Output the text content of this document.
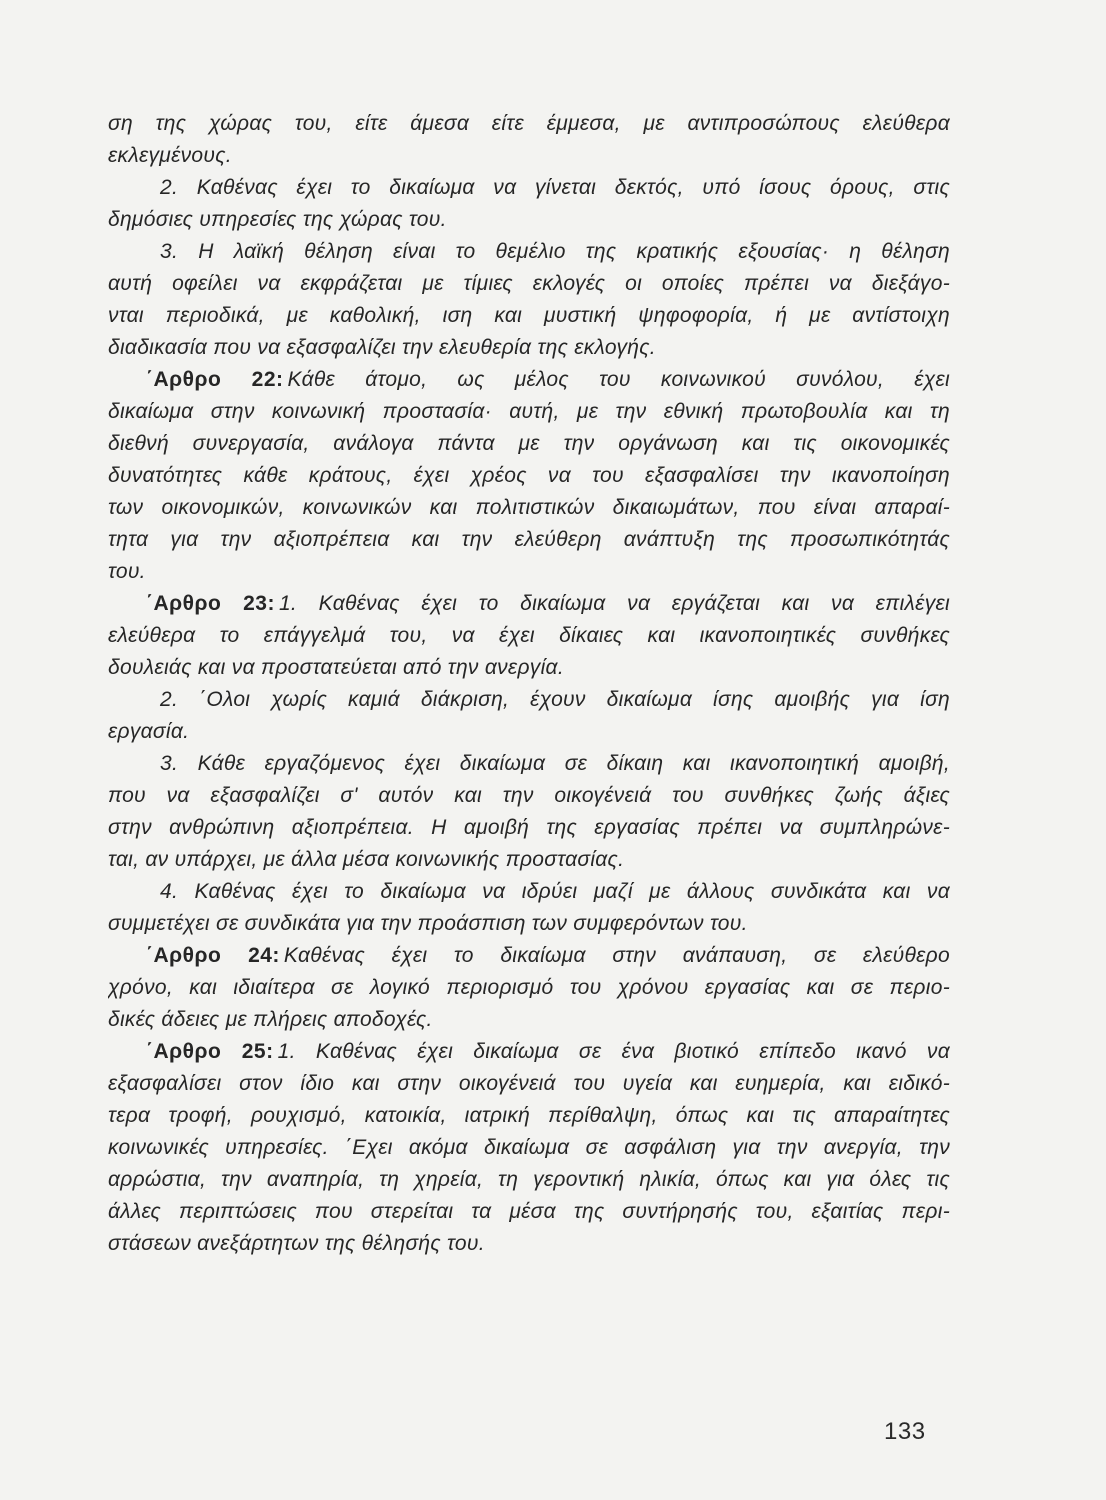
ση της χώρας του, είτε άμεσα είτε έμμεσα, με αντιπροσώπους ελεύθερα
εκλεγμένους.
2. Καθένας έχει το δικαίωμα να γίνεται δεκτός, υπό ίσους όρους, στις
δημόσιες υπηρεσίες της χώρας του.
3. Η λαϊκή θέληση είναι το θεμέλιο της κρατικής εξουσίας· η θέληση
αυτή οφείλει να εκφράζεται με τίμιες εκλογές οι οποίες πρέπει να διεξάγο-
νται περιοδικά, με καθολική, ιση και μυστική ψηφοφορία, ή με αντίστοιχη
διαδικασία που να εξασφαλίζει την ελευθερία της εκλογής.
΄Αρθρο 22: Κάθε άτομο, ως μέλος του κοινωνικού συνόλου, έχει
δικαίωμα στην κοινωνική προστασία· αυτή, με την εθνική πρωτοβουλία και τη
διεθνή συνεργασία, ανάλογα πάντα με την οργάνωση και τις οικονομικές
δυνατότητες κάθε κράτους, έχει χρέος να του εξασφαλίσει την ικανοποίηση
των οικονομικών, κοινωνικών και πολιτιστικών δικαιωμάτων, που είναι απαραί-
τητα για την αξιοπρέπεια και την ελεύθερη ανάπτυξη της προσωπικότητάς
του.
΄Αρθρο 23: 1. Καθένας έχει το δικαίωμα να εργάζεται και να επιλέγει
ελεύθερα το επάγγελμά του, να έχει δίκαιες και ικανοποιητικές συνθήκες
δουλειάς και να προστατεύεται από την ανεργία.
2. ΄Ολοι χωρίς καμιά διάκριση, έχουν δικαίωμα ίσης αμοιβής για ίση
εργασία.
3. Κάθε εργαζόμενος έχει δικαίωμα σε δίκαιη και ικανοποιητική αμοιβή,
που να εξασφαλίζει σ' αυτόν και την οικογένειά του συνθήκες ζωής άξιες
στην ανθρώπινη αξιοπρέπεια. Η αμοιβή της εργασίας πρέπει να συμπληρώνε-
ται, αν υπάρχει, με άλλα μέσα κοινωνικής προστασίας.
4. Καθένας έχει το δικαίωμα να ιδρύει μαζί με άλλους συνδικάτα και να
συμμετέχει σε συνδικάτα για την προάσπιση των συμφερόντων του.
΄Αρθρο 24: Καθένας έχει το δικαίωμα στην ανάπαυση, σε ελεύθερο
χρόνο, και ιδιαίτερα σε λογικό περιορισμό του χρόνου εργασίας και σε περιο-
δικές άδειες με πλήρεις αποδοχές.
΄Αρθρο 25: 1. Καθένας έχει δικαίωμα σε ένα βιοτικό επίπεδο ικανό να
εξασφαλίσει στον ίδιο και στην οικογένειά του υγεία και ευημερία, και ειδικό-
τερα τροφή, ρουχισμό, κατοικία, ιατρική περίθαλψη, όπως και τις απαραίτητες
κοινωνικές υπηρεσίες. ΄Εχει ακόμα δικαίωμα σε ασφάλιση για την ανεργία, την
αρρώστια, την αναπηρία, τη χηρεία, τη γεροντική ηλικία, όπως και για όλες τις
άλλες περιπτώσεις που στερείται τα μέσα της συντήρησής του, εξαιτίας περι-
στάσεων ανεξάρτητων της θέλησής του.
133
